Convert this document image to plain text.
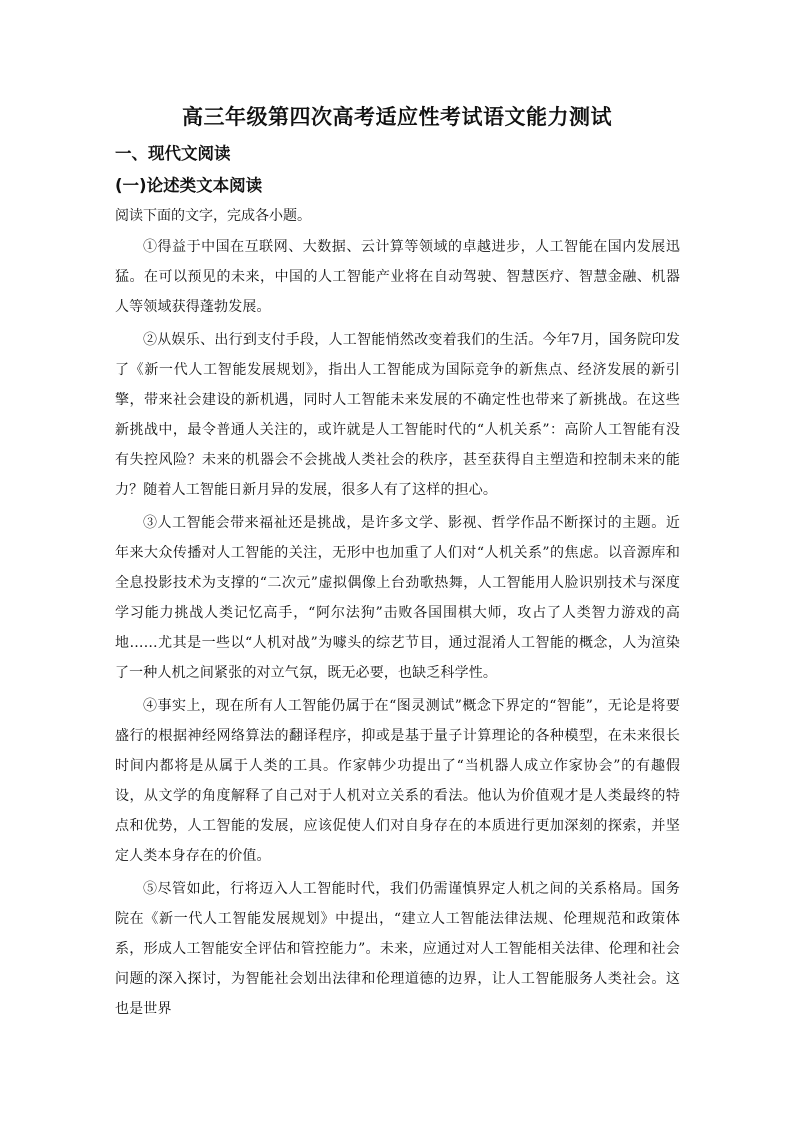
高三年级第四次高考适应性考试语文能力测试
一、现代文阅读
(一)论述类文本阅读

阅读下面的文字，完成各小题。

①得益于中国在互联网、大数据、云计算等领域的卓越进步，人工智能在国内发展迅猛。在可以预见的未来，中国的人工智能产业将在自动驾驶、智慧医疗、智慧金融、机器人等领域获得蓬勃发展。

②从娱乐、出行到支付手段，人工智能悄然改变着我们的生活。今年7月，国务院印发了《新一代人工智能发展规划》，指出人工智能成为国际竞争的新焦点、经济发展的新引擎，带来社会建设的新机遇，同时人工智能未来发展的不确定性也带来了新挑战。在这些新挑战中，最令普通人关注的，或许就是人工智能时代的“人机关系”：高阶人工智能有没有失控风险？未来的机器会不会挑战人类社会的秩序，甚至获得自主塑造和控制未来的能力？随着人工智能日新月异的发展，很多人有了这样的担心。

③人工智能会带来福祉还是挑战，是许多文学、影视、哲学作品不断探讨的主题。近年来大众传播对人工智能的关注，无形中也加重了人们对“人机关系”的焦虑。以音源库和全息投影技术为支撑的“二次元”虚拟偶像上台劲歌热舞，人工智能用人脸识别技术与深度学习能力挑战人类记忆高手，“阿尔法狗”击败各国围棋大师，攻占了人类智力游戏的高地……尤其是一些以“人机对战”为噱头的综艺节目，通过混淆人工智能的概念，人为渲染了一种人机之间紧张的对立气氛，既无必要，也缺乏科学性。

④事实上，现在所有人工智能仍属于在“图灵测试”概念下界定的“智能”，无论是将要盛行的根据神经网络算法的翻译程序，抑或是基于量子计算理论的各种模型，在未来很长时间内都将是从属于人类的工具。作家韩少功提出了“当机器人成立作家协会”的有趣假设，从文学的角度解释了自己对于人机对立关系的看法。他认为价值观才是人类最终的特点和优势，人工智能的发展，应该促使人们对自身存在的本质进行更加深刻的探索，并坚定人类本身存在的价值。

⑤尽管如此，行将迈入人工智能时代，我们仍需谨慎界定人机之间的关系格局。国务院在《新一代人工智能发展规划》中提出，“建立人工智能法律法规、伦理规范和政策体系，形成人工智能安全评估和管控能力”。未来，应通过对人工智能相关法律、伦理和社会问题的深入探讨，为智能社会划出法律和伦理道德的边界，让人工智能服务人类社会。这也是世界
